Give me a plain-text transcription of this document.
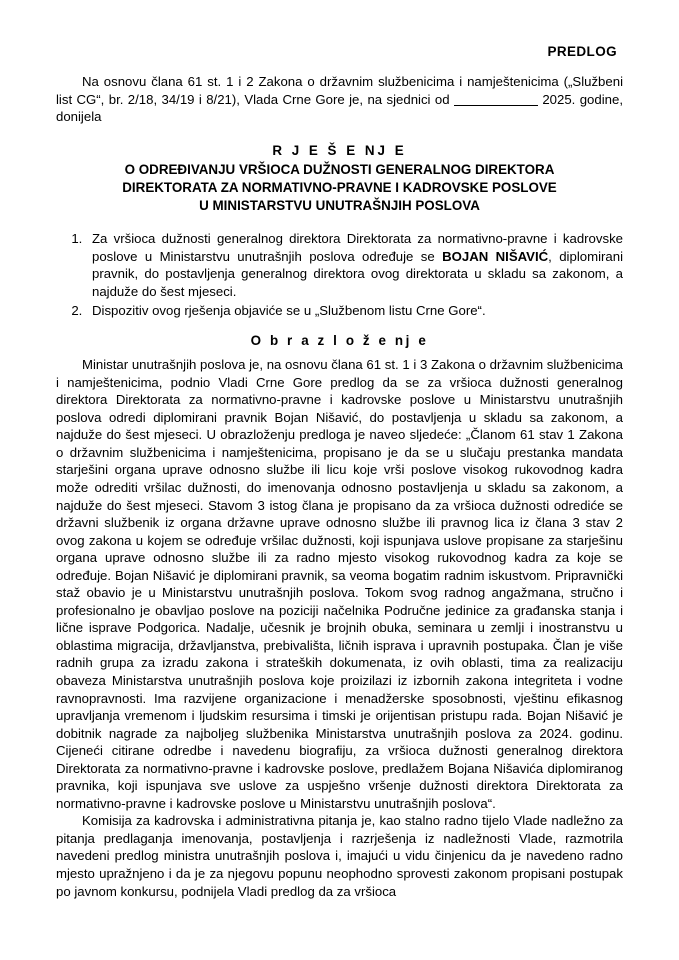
PREDLOG

Na osnovu člana 61 st. 1 i 2 Zakona o državnim službenicima i namještenicima („Službeni list CG“, br. 2/18, 34/19 i 8/21), Vlada Crne Gore je, na sjednici od	2025. godine, donijela

R J E Š E NJ E
O ODREĐIVANJU VRŠIOCA DUŽNOSTI GENERALNOG DIREKTORA
DIREKTORATA ZA NORMATIVNO-PRAVNE I KADROVSKE POSLOVE
U MINISTARSTVU UNUTRAŠNJIH POSLOVA
1. Za vršioca dužnosti generalnog direktora Direktorata za normativno-pravne i kadrovske poslove u Ministarstvu unutrašnjih poslova određuje se BOJAN NIŠAVIĆ, diplomirani pravnik, do postavljenja generalnog direktora ovog direktorata u skladu sa zakonom, a najduže do šest mjeseci.
2. Dispozitiv ovog rješenja objaviće se u „Službenom listu Crne Gore“.
O b r a z l o ž e nj e

Ministar unutrašnjih poslova je, na osnovu člana 61 st. 1 i 3 Zakona o državnim službenicima i namještenicima, podnio Vladi Crne Gore predlog da se za vršioca dužnosti generalnog direktora Direktorata za normativno-pravne i kadrovske poslove u Ministarstvu unutrašnjih poslova odredi diplomirani pravnik Bojan Nišavić, do postavljenja u skladu sa zakonom, a najduže do šest mjeseci. U obrazloženju predloga je naveo sljedeće: „Članom 61 stav 1 Zakona o državnim službenicima i namještenicima, propisano je da se u slučaju prestanka mandata starješini organa uprave odnosno službe ili licu koje vrši poslove visokog rukovodnog kadra može odrediti vršilac dužnosti, do imenovanja odnosno postavljenja u skladu sa zakonom, a najduže do šest mjeseci. Stavom 3 istog člana je propisano da za vršioca dužnosti odrediće se državni službenik iz organa državne uprave odnosno službe ili pravnog lica iz člana 3 stav 2 ovog zakona u kojem se određuje vršilac dužnosti, koji ispunjava uslove propisane za starješinu organa uprave odnosno službe ili za radno mjesto visokog rukovodnog kadra za koje se određuje. Bojan Nišavić je diplomirani pravnik, sa veoma bogatim radnim iskustvom. Pripravnički staž obavio je u Ministarstvu unutrašnjih poslova. Tokom svog radnog angažmana, stručno i profesionalno je obavljao poslove na poziciji načelnika Područne jedinice za građanska stanja i lične isprave Podgorica. Nadalje, učesnik je brojnih obuka, seminara u zemlji i inostranstvu u oblastima migracija, državljanstva, prebivališta, ličnih isprava i upravnih postupaka. Član je više radnih grupa za izradu zakona i strateških dokumenata, iz ovih oblasti, tima za realizaciju obaveza Ministarstva unutrašnjih poslova koje proizilazi iz izbornih zakona integriteta i vodne ravnopravnosti. Ima razvijene organizacione i menadžerske sposobnosti, vještinu efikasnog upravljanja vremenom i ljudskim resursima i timski je orijentisan pristupu rada. Bojan Nišavić je dobitnik nagrade za najboljeg službenika Ministarstva unutrašnjih poslova za 2024. godinu. Cijeneći citirane odredbe i navedenu biografiju, za vršioca dužnosti generalnog direktora Direktorata za normativno-pravne i kadrovske poslove, predlažem Bojana Nišavića diplomiranog pravnika, koji ispunjava sve uslove za uspješno vršenje dužnosti direktora Direktorata za normativno-pravne i kadrovske poslove u Ministarstvu unutrašnjih poslova“.

Komisija za kadrovska i administrativna pitanja je, kao stalno radno tijelo Vlade nadležno za pitanja predlaganja imenovanja, postavljenja i razrješenja iz nadležnosti Vlade, razmotrila navedeni predlog ministra unutrašnjih poslova i, imajući u vidu činjenicu da je navedeno radno mjesto upražnjeno i da je za njegovu popunu neophodno sprovesti zakonom propisani postupak po javnom konkursu, podnijela Vladi predlog da za vršioca
